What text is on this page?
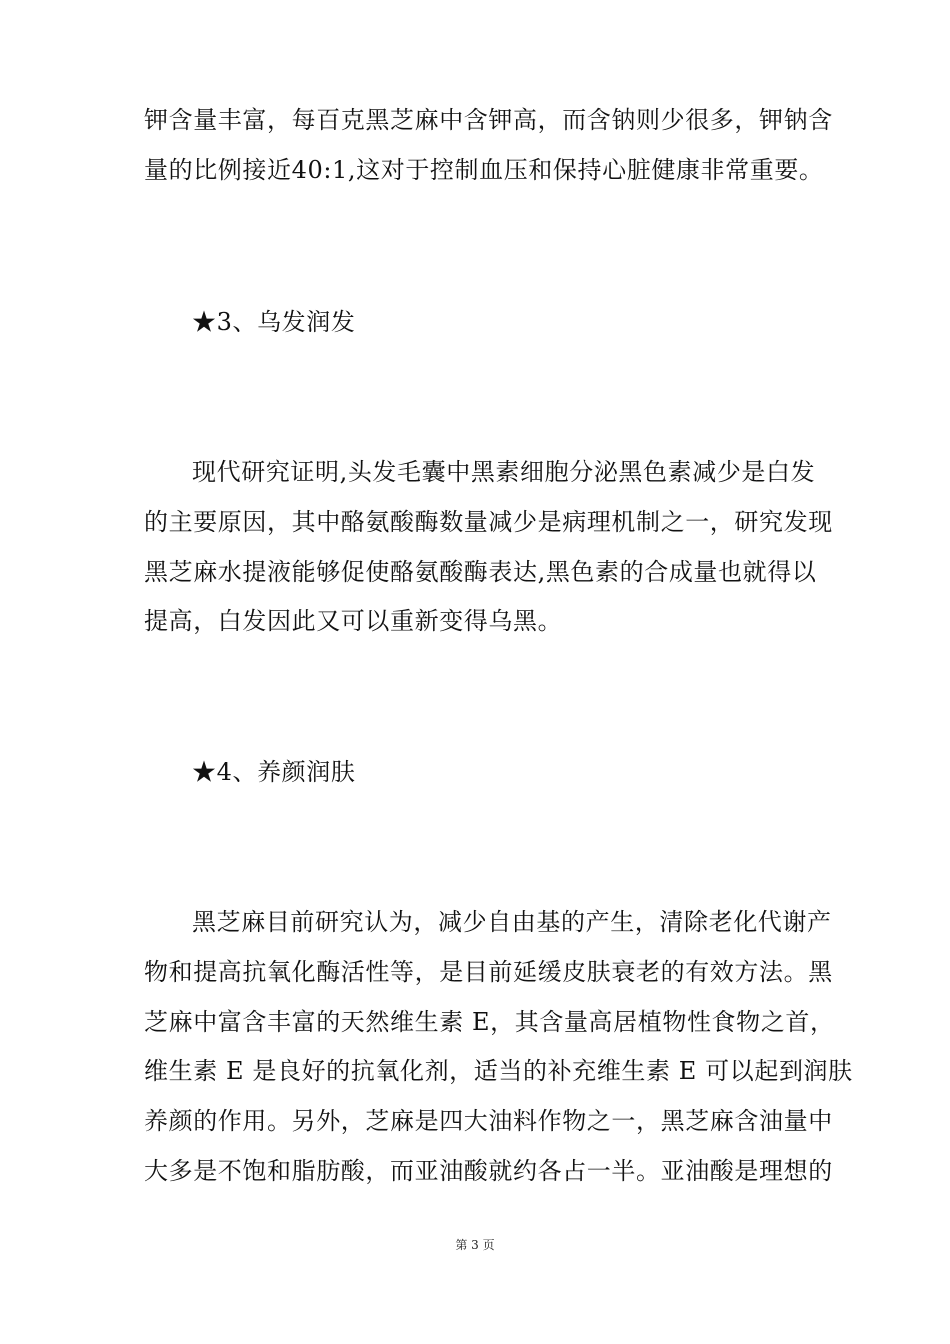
钾含量丰富，每百克黑芝麻中含钾高，而含钠则少很多，钾钠含
量的比例接近40:1,这对于控制血压和保持心脏健康非常重要。
★3、乌发润发
现代研究证明,头发毛囊中黑素细胞分泌黑色素减少是白发
的主要原因，其中酪氨酸酶数量减少是病理机制之一，研究发现
黑芝麻水提液能够促使酪氨酸酶表达,黑色素的合成量也就得以
提高，白发因此又可以重新变得乌黑。
★4、养颜润肤
黑芝麻目前研究认为，减少自由基的产生，清除老化代谢产
物和提高抗氧化酶活性等，是目前延缓皮肤衰老的有效方法。黑
芝麻中富含丰富的天然维生素 E，其含量高居植物性食物之首，
维生素 E 是良好的抗氧化剂，适当的补充维生素 E 可以起到润肤
养颜的作用。另外，芝麻是四大油料作物之一，黑芝麻含油量中
大多是不饱和脂肪酸，而亚油酸就约各占一半。亚油酸是理想的
第 3 页
